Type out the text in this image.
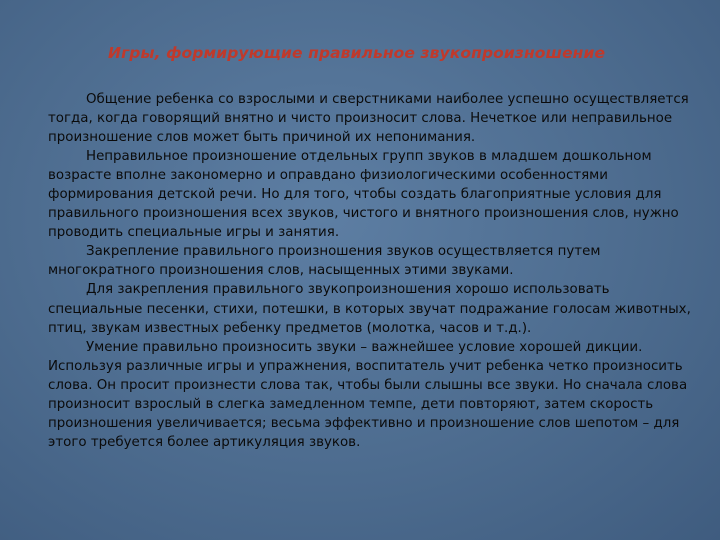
Игры, формирующие правильное звукопроизношение

Общение ребенка со взрослыми и сверстниками наиболее успешно осуществляется тогда, когда говорящий внятно и чисто произносит слова. Нечеткое или неправильное произношение слов может быть причиной их непонимания.

Неправильное произношение отдельных групп звуков в младшем дошкольном возрасте вполне закономерно и оправдано физиологическими особенностями формирования детской речи. Но для того, чтобы создать благоприятные условия для правильного произношения всех звуков, чистого и внятного произношения слов, нужно проводить специальные игры и занятия.

Закрепление правильного произношения звуков осуществляется путем многократного произношения слов, насыщенных этими звуками.

Для закрепления правильного звукопроизношения хорошо использовать специальные песенки, стихи, потешки, в которых звучат подражание голосам животных, птиц, звукам известных ребенку предметов (молотка, часов и т.д.).

Умение правильно произносить звуки – важнейшее условие хорошей дикции. Используя различные игры и упражнения, воспитатель учит ребенка четко произносить слова. Он просит произнести слова так, чтобы были слышны все звуки. Но сначала слова произносит взрослый в слегка замедленном темпе, дети повторяют, затем скорость произношения увеличивается; весьма эффективно и произношение слов шепотом – для этого требуется более артикуляция звуков.
